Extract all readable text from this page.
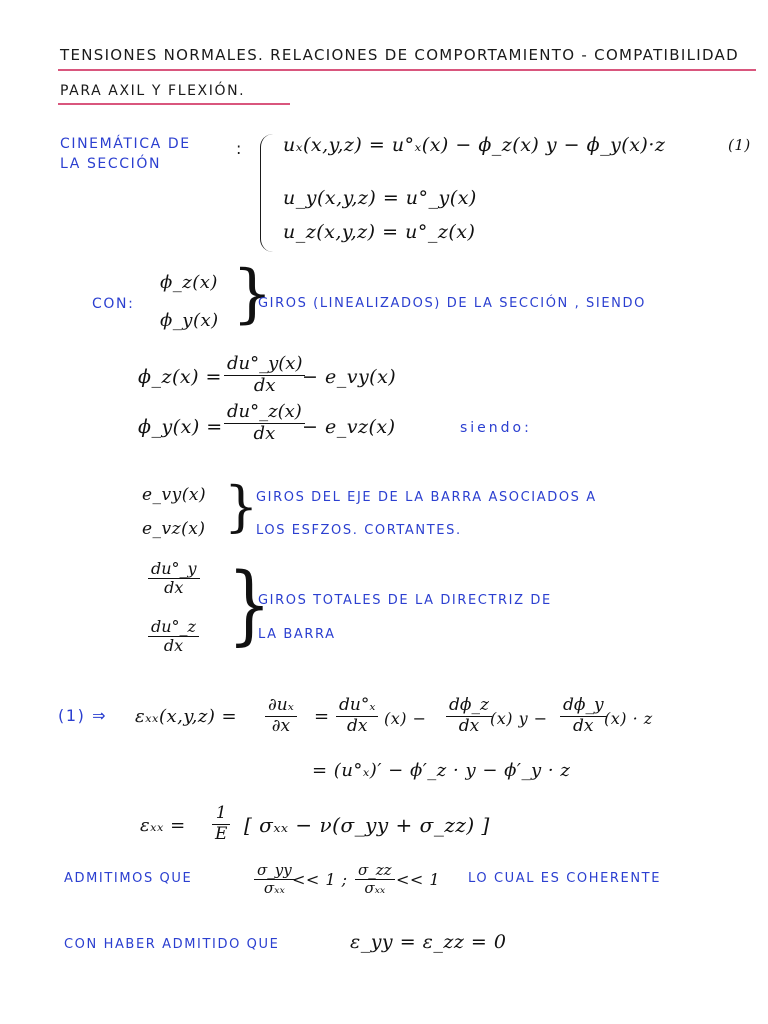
TENSIONES NORMALES. RELACIONES DE COMPORTAMIENTO - COMPATIBILIDAD
PARA AXIL Y FLEXIÓN.
CINEMÁTICA DE
LA SECCIÓN
: uₓ(x,y,z) = u°ₓ(x) − ϕ_z(x) y − ϕ_y(x)·z	(1)
u_y(x,y,z) = u°_y(x)
u_z(x,y,z) = u°_z(x)
CON:
ϕ_z(x)
ϕ_y(x) }
GIROS (LINEALIZADOS) DE LA SECCIÓN , SIENDO
ϕ_z(x) = $\frac{du^\circ\_y(x)}{dx}$
− e_vy(x)
ϕ_y(x) = $\frac{du^\circ\_z(x)}{dx}$
− e_vz(x)	siendo:
e_vy(x)
e_vz(x) }
GIROS DEL EJE DE LA BARRA ASOCIADOS A
LOS ESFZOS. CORTANTES.
$\frac{du^\circ\_y}{dx}$
$\frac{du^\circ\_z}{dx}$ }
GIROS TOTALES DE LA DIRECTRIZ DE
LA BARRA
(1) ⇒ $\varepsilon_{xx}(x,y,z) = \frac{\text{∂uₓ}}{\partial x} = \frac{\text{du°ₓ}}{dx} (x) - \frac{d\phi\_z}{dx}$
(x) $y - \frac{d\phi\_y}{dx}$
(x) · z
= (u°ₓ)′ − ϕ′_z · y − ϕ′_y · z
$\varepsilon_{xx} = \frac{1}{E}$ [ σₓₓ − ν(σ_yy + σ_zz) ]
ADMITIMOS QUE	σ_yy
σₓₓ << 1 ; σ_zz
σₓₓ << 1 LO CUAL ES COHERENTE
CON HABER ADMITIDO QUE	ε_yy = ε_zz = 0
